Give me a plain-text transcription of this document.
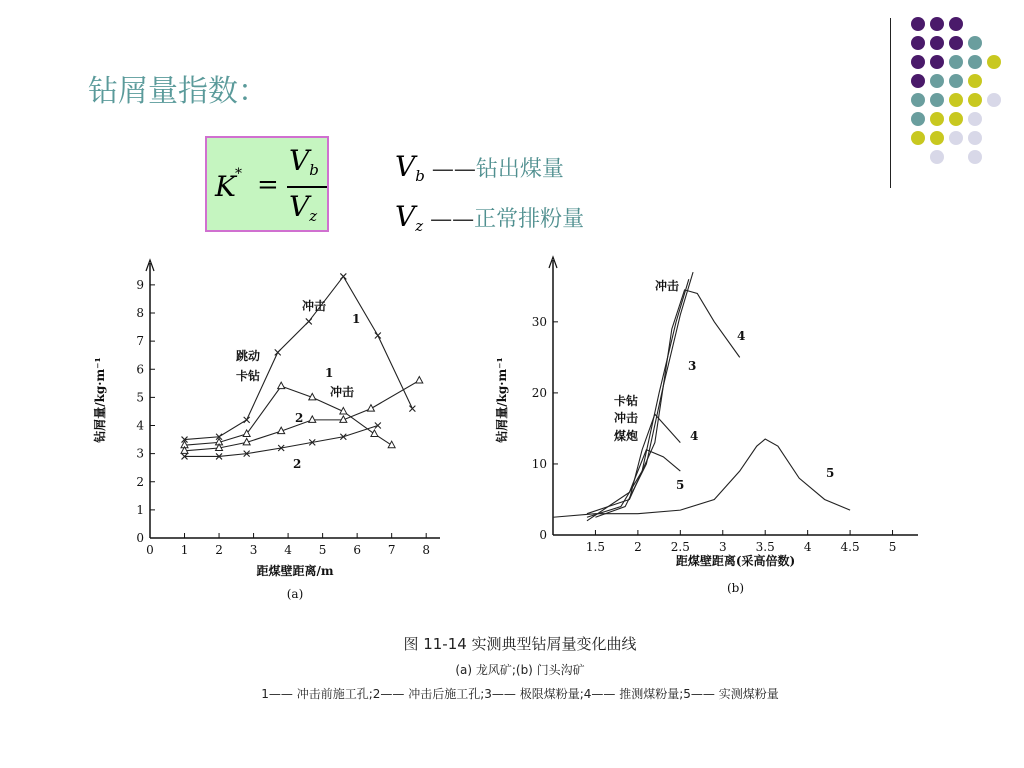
钻屑量指数：
K * =
$V_b$
$V_z$
$V_b$ ——钻出煤量
$V_z$ ——正常排粉量
0 1 2 3 4 5 6 7 8
0
1
2
3
4
5
6
7
8
9
距煤壁距离/m
钻屑量/kg·m⁻¹
(a)
冲击
1
跳动
卡钻	1
冲击
2
2
1.5 2 2.5 3 3.5 4 4.5 5
0
10
20
30
距煤壁距离(采高倍数)
钻屑量/kg·m⁻¹
(b)
冲击
4
3
卡钻
冲击
煤炮	4
5
5
图 11-14 实测典型钻屑量变化曲线
(a) 龙风矿;(b) 门头沟矿
1—— 冲击前施工孔;2—— 冲击后施工孔;3—— 极限煤粉量;4—— 推测煤粉量;5—— 实测煤粉量
